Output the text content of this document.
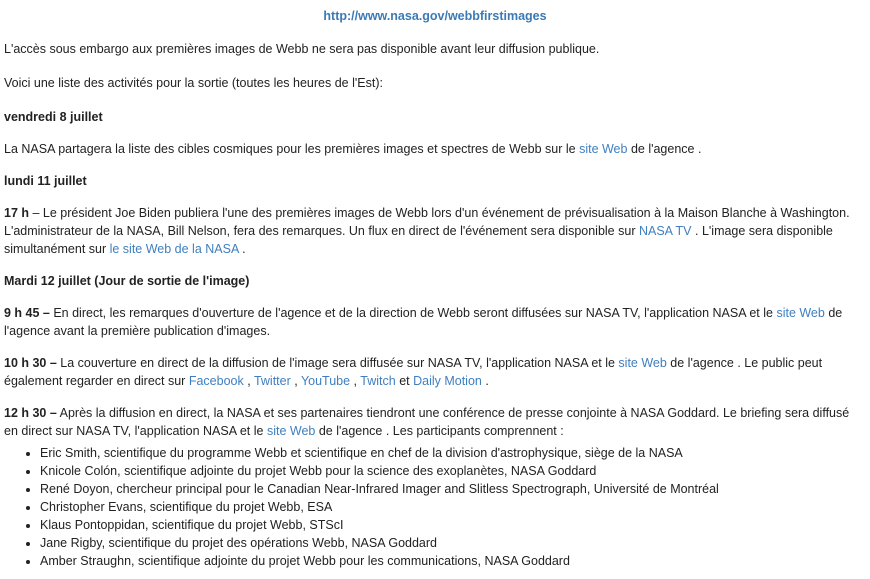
http://www.nasa.gov/webbfirstimages

L'accès sous embargo aux premières images de Webb ne sera pas disponible avant leur diffusion publique.

Voici une liste des activités pour la sortie (toutes les heures de l'Est):

vendredi 8 juillet

La NASA partagera la liste des cibles cosmiques pour les premières images et spectres de Webb sur le site Web de l'agence .

lundi 11 juillet

17 h – Le président Joe Biden publiera l'une des premières images de Webb lors d'un événement de prévisualisation à la Maison Blanche à Washington. L'administrateur de la NASA, Bill Nelson, fera des remarques. Un flux en direct de l'événement sera disponible sur NASA TV . L'image sera disponible simultanément sur le site Web de la NASA .

Mardi 12 juillet (Jour de sortie de l'image)

9 h 45 – En direct, les remarques d'ouverture de l'agence et de la direction de Webb seront diffusées sur NASA TV, l'application NASA et le site Web de l'agence avant la première publication d'images.

10 h 30 – La couverture en direct de la diffusion de l'image sera diffusée sur NASA TV, l'application NASA et le site Web de l'agence . Le public peut également regarder en direct sur Facebook , Twitter , YouTube , Twitch et Daily Motion .

12 h 30 – Après la diffusion en direct, la NASA et ses partenaires tiendront une conférence de presse conjointe à NASA Goddard. Le briefing sera diffusé en direct sur NASA TV, l'application NASA et le site Web de l'agence . Les participants comprennent :

• Eric Smith, scientifique du programme Webb et scientifique en chef de la division d'astrophysique, siège de la NASA
• Knicole Colón, scientifique adjointe du projet Webb pour la science des exoplanètes, NASA Goddard
• René Doyon, chercheur principal pour le Canadian Near-Infrared Imager and Slitless Spectrograph, Université de Montréal
• Christopher Evans, scientifique du projet Webb, ESA
• Klaus Pontoppidan, scientifique du projet Webb, STScI
• Jane Rigby, scientifique du projet des opérations Webb, NASA Goddard
• Amber Straughn, scientifique adjointe du projet Webb pour les communications, NASA Goddard
